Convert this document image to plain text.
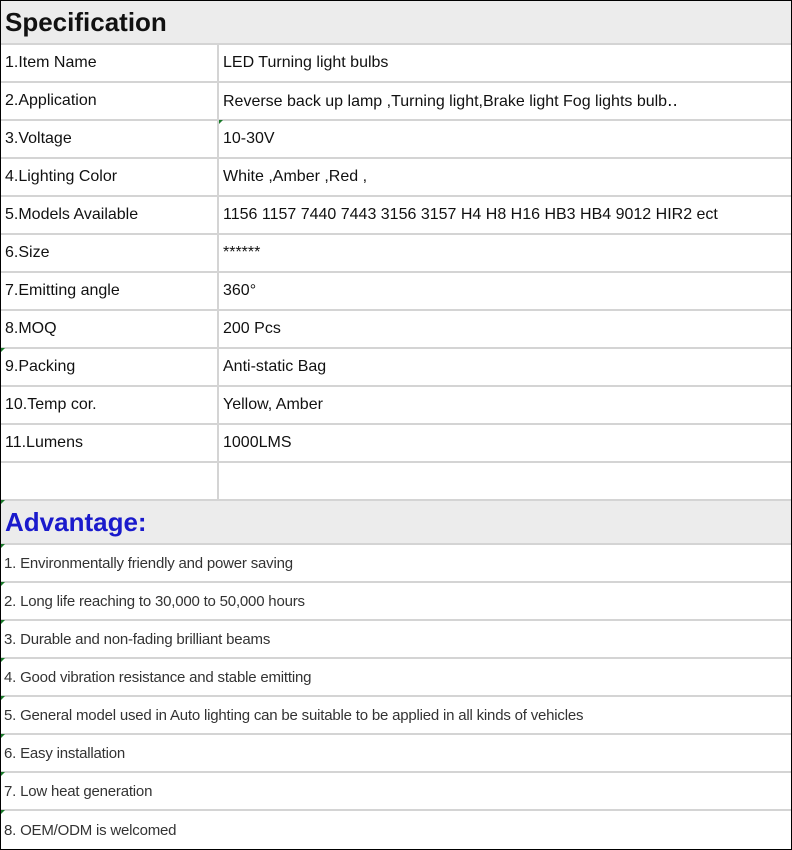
Specification
1.Item Name	LED Turning light bulbs
2.Application	Reverse back up lamp ,Turning light,Brake light Fog lights bulb‥
3.Voltage	10-30V
4.Lighting Color	White ,Amber ,Red ,
5.Models Available	1156 1157 7440 7443 3156 3157 H4 H8 H16 HB3 HB4 9012 HIR2 ect
6.Size	******
7.Emitting angle	360°
8.MOQ	200 Pcs
9.Packing	Anti-static Bag
10.Temp cor.	Yellow, Amber
11.Lumens	1000LMS
Advantage:
1. Environmentally friendly and power saving
2. Long life reaching to 30,000 to 50,000 hours
3. Durable and non-fading brilliant beams
4. Good vibration resistance and stable emitting
5. General model used in Auto lighting can be suitable to be applied in all kinds of vehicles
6. Easy installation
7. Low heat generation
8. OEM/ODM is welcomed
